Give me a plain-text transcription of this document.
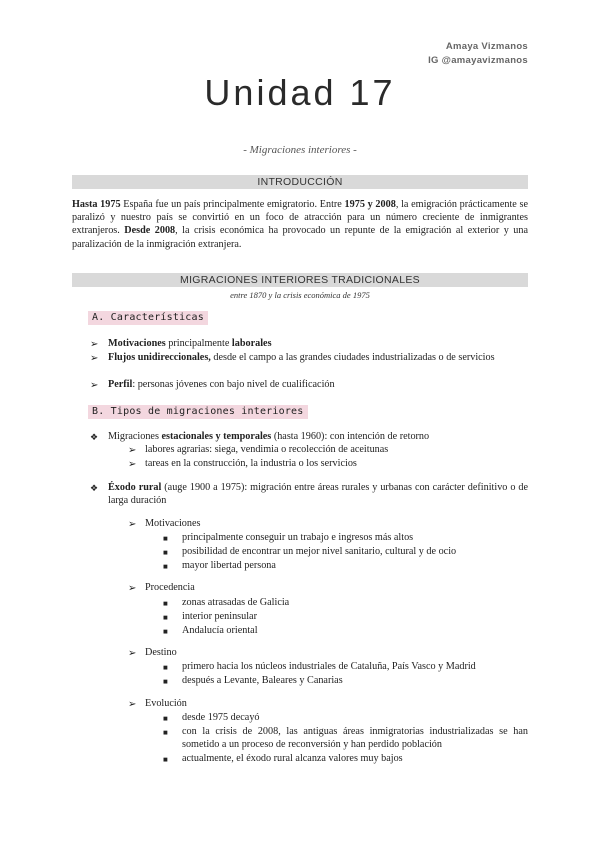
Amaya Vizmanos
IG @amayavizmanos
Unidad 17
- Migraciones interiores -
INTRODUCCIÓN
Hasta 1975 España fue un país principalmente emigratorio. Entre 1975 y 2008, la emigración prácticamente se paralizó y nuestro país se convirtió en un foco de atracción para un número creciente de inmigrantes extranjeros. Desde 2008, la crisis económica ha provocado un repunte de la emigración al exterior y una paralización de la inmigración extranjera.
MIGRACIONES INTERIORES TRADICIONALES
entre 1870 y la crisis económica de 1975
A. Características
➢ Motivaciones principalmente laborales
➢ Flujos unidireccionales, desde el campo a las grandes ciudades industrializadas o de servicios
➢ Perfil: personas jóvenes con bajo nivel de cualificación
B. Tipos de migraciones interiores
❖ Migraciones estacionales y temporales (hasta 1960): con intención de retorno
➢ labores agrarias: siega, vendimia o recolección de aceitunas
➢ tareas en la construcción, la industria o los servicios
❖ Éxodo rural (auge 1900 a 1975): migración entre áreas rurales y urbanas con carácter definitivo o de larga duración
➢ Motivaciones
■ principalmente conseguir un trabajo e ingresos más altos
■ posibilidad de encontrar un mejor nivel sanitario, cultural y de ocio
■ mayor libertad persona
➢ Procedencia
■ zonas atrasadas de Galicia
■ interior peninsular
■ Andalucía oriental
➢ Destino
■ primero hacia los núcleos industriales de Cataluña, País Vasco y Madrid
■ después a Levante, Baleares y Canarias
➢ Evolución
■ desde 1975 decayó
■ con la crisis de 2008, las antiguas áreas inmigratorias industrializadas se han sometido a un proceso de reconversión y han perdido población
■ actualmente, el éxodo rural alcanza valores muy bajos
